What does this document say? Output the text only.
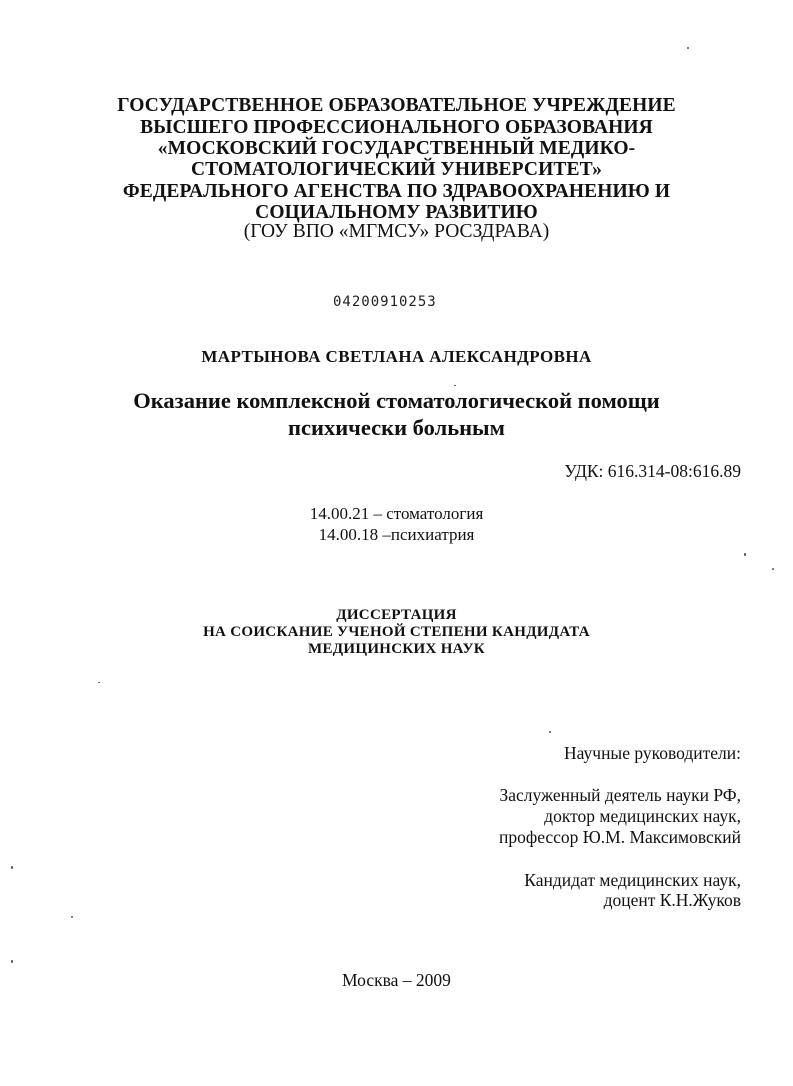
ГОСУДАРСТВЕННОЕ ОБРАЗОВАТЕЛЬНОЕ УЧРЕЖДЕНИЕ
ВЫСШЕГО ПРОФЕССИОНАЛЬНОГО ОБРАЗОВАНИЯ
«МОСКОВСКИЙ ГОСУДАРСТВЕННЫЙ МЕДИКО-
СТОМАТОЛОГИЧЕСКИЙ УНИВЕРСИТЕТ»
ФЕДЕРАЛЬНОГО АГЕНСТВА ПО ЗДРАВООХРАНЕНИЮ И
СОЦИАЛЬНОМУ РАЗВИТИЮ
(ГОУ ВПО «МГМСУ» РОСЗДРАВА)
04200910253
МАРТЫНОВА СВЕТЛАНА АЛЕКСАНДРОВНА
Оказание комплексной стоматологической помощи
психически больным
УДК: 616.314-08:616.89
14.00.21 – стоматология
14.00.18 –психиатрия
ДИССЕРТАЦИЯ
НА СОИСКАНИЕ УЧЕНОЙ СТЕПЕНИ КАНДИДАТА
МЕДИЦИНСКИХ НАУК
Научные руководители:
Заслуженный деятель науки РФ,
доктор медицинских наук,
профессор Ю.М. Максимовский
Кандидат медицинских наук,
доцент К.Н.Жуков
Москва – 2009
